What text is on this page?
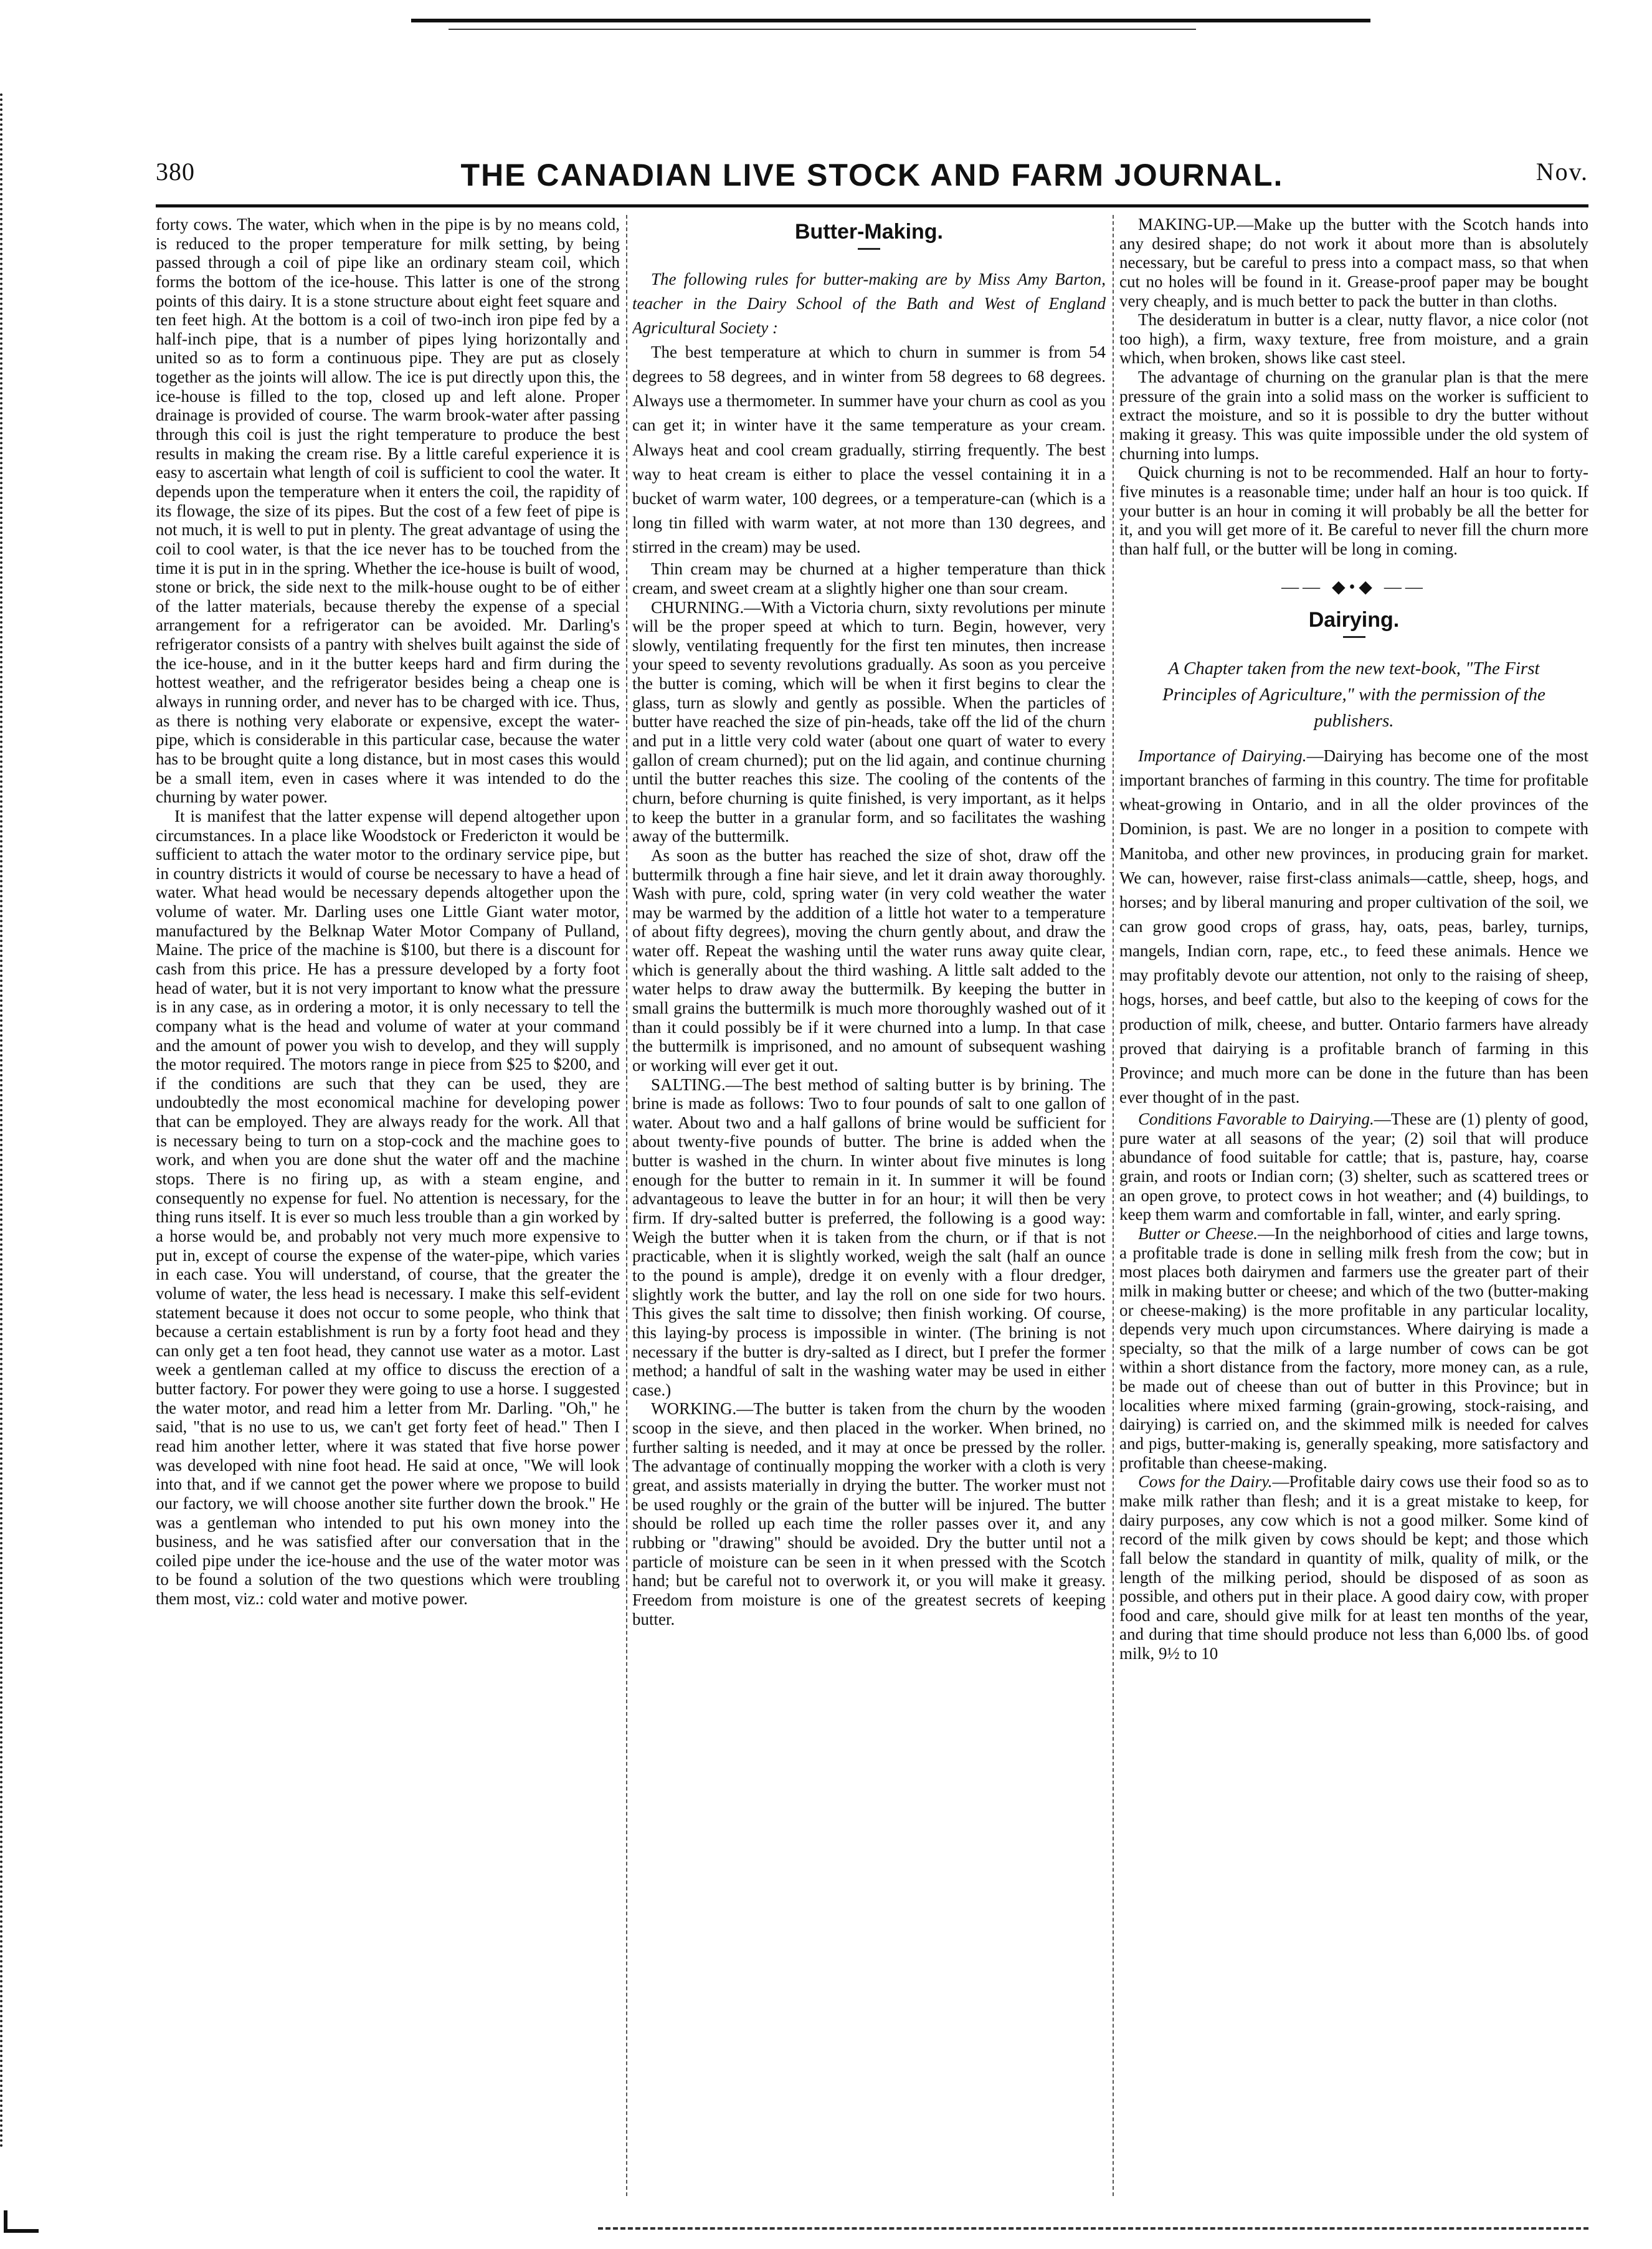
380	THE CANADIAN LIVE STOCK AND FARM JOURNAL.	Nov.

forty cows. The water, which when in the pipe is by no means cold, is reduced to the proper temperature for milk setting, by being passed through a coil of pipe like an ordinary steam coil, which forms the bottom of the ice-house. This latter is one of the strong points of this dairy. It is a stone structure about eight feet square and ten feet high. At the bottom is a coil of two-inch iron pipe fed by a half-inch pipe, that is a number of pipes lying horizontally and united so as to form a continuous pipe. They are put as closely together as the joints will allow. The ice is put directly upon this, the ice-house is filled to the top, closed up and left alone. Proper drainage is provided of course. The warm brook-water after passing through this coil is just the right temperature to produce the best results in making the cream rise. By a little careful experience it is easy to ascertain what length of coil is sufficient to cool the water. It depends upon the temperature when it enters the coil, the rapidity of its flowage, the size of its pipes. But the cost of a few feet of pipe is not much, it is well to put in plenty. The great advantage of using the coil to cool water, is that the ice never has to be touched from the time it is put in in the spring. Whether the ice-house is built of wood, stone or brick, the side next to the milk-house ought to be of either of the latter materials, because thereby the expense of a special arrangement for a refrigerator can be avoided. Mr. Darling's refrigerator consists of a pantry with shelves built against the side of the ice-house, and in it the butter keeps hard and firm during the hottest weather, and the refrigerator besides being a cheap one is always in running order, and never has to be charged with ice. Thus, as there is nothing very elaborate or expensive, except the water-pipe, which is considerable in this particular case, because the water has to be brought quite a long distance, but in most cases this would be a small item, even in cases where it was intended to do the churning by water power.

It is manifest that the latter expense will depend altogether upon circumstances. In a place like Woodstock or Fredericton it would be sufficient to attach the water motor to the ordinary service pipe, but in country districts it would of course be necessary to have a head of water. What head would be necessary depends altogether upon the volume of water. Mr. Darling uses one Little Giant water motor, manufactured by the Belknap Water Motor Company of Pulland, Maine. The price of the machine is $100, but there is a discount for cash from this price. He has a pressure developed by a forty foot head of water, but it is not very important to know what the pressure is in any case, as in ordering a motor, it is only necessary to tell the company what is the head and volume of water at your command and the amount of power you wish to develop, and they will supply the motor required. The motors range in piece from $25 to $200, and if the conditions are such that they can be used, they are undoubtedly the most economical machine for developing power that can be employed. They are always ready for the work. All that is necessary being to turn on a stop-cock and the machine goes to work, and when you are done shut the water off and the machine stops. There is no firing up, as with a steam engine, and consequently no expense for fuel. No attention is necessary, for the thing runs itself. It is ever so much less trouble than a gin worked by a horse would be, and probably not very much more expensive to put in, except of course the expense of the water-pipe, which varies in each case. You will understand, of course, that the greater the volume of water, the less head is necessary. I make this self-evident statement because it does not occur to some people, who think that because a certain establishment is run by a forty foot head and they can only get a ten foot head, they cannot use water as a motor. Last week a gentleman called at my office to discuss the erection of a butter factory. For power they were going to use a horse. I suggested the water motor, and read him a letter from Mr. Darling. "Oh," he said, "that is no use to us, we can't get forty feet of head." Then I read him another letter, where it was stated that five horse power was developed with nine foot head. He said at once, "We will look into that, and if we cannot get the power where we propose to build our factory, we will choose another site further down the brook." He was a gentleman who intended to put his own money into the business, and he was satisfied after our conversation that in the coiled pipe under the ice-house and the use of the water motor was to be found a solution of the two questions which were troubling them most, viz.: cold water and motive power.

Butter-Making.

The following rules for butter-making are by Miss Amy Barton, teacher in the Dairy School of the Bath and West of England Agricultural Society :

The best temperature at which to churn in summer is from 54 degrees to 58 degrees, and in winter from 58 degrees to 68 degrees. Always use a thermometer. In summer have your churn as cool as you can get it; in winter have it the same temperature as your cream. Always heat and cool cream gradually, stirring frequently. The best way to heat cream is either to place the vessel containing it in a bucket of warm water, 100 degrees, or a temperature-can (which is a long tin filled with warm water, at not more than 130 degrees, and stirred in the cream) may be used.

Thin cream may be churned at a higher temperature than thick cream, and sweet cream at a slightly higher one than sour cream.

CHURNING.—With a Victoria churn, sixty revolutions per minute will be the proper speed at which to turn. Begin, however, very slowly, ventilating frequently for the first ten minutes, then increase your speed to seventy revolutions gradually. As soon as you perceive the butter is coming, which will be when it first begins to clear the glass, turn as slowly and gently as possible. When the particles of butter have reached the size of pin-heads, take off the lid of the churn and put in a little very cold water (about one quart of water to every gallon of cream churned); put on the lid again, and continue churning until the butter reaches this size. The cooling of the contents of the churn, before churning is quite finished, is very important, as it helps to keep the butter in a granular form, and so facilitates the washing away of the buttermilk.

As soon as the butter has reached the size of shot, draw off the buttermilk through a fine hair sieve, and let it drain away thoroughly. Wash with pure, cold, spring water (in very cold weather the water may be warmed by the addition of a little hot water to a temperature of about fifty degrees), moving the churn gently about, and draw the water off. Repeat the washing until the water runs away quite clear, which is generally about the third washing. A little salt added to the water helps to draw away the buttermilk. By keeping the butter in small grains the buttermilk is much more thoroughly washed out of it than it could possibly be if it were churned into a lump. In that case the buttermilk is imprisoned, and no amount of subsequent washing or working will ever get it out.

SALTING.—The best method of salting butter is by brining. The brine is made as follows: Two to four pounds of salt to one gallon of water. About two and a half gallons of brine would be sufficient for about twenty-five pounds of butter. The brine is added when the butter is washed in the churn. In winter about five minutes is long enough for the butter to remain in it. In summer it will be found advantageous to leave the butter in for an hour; it will then be very firm. If dry-salted butter is preferred, the following is a good way: Weigh the butter when it is taken from the churn, or if that is not practicable, when it is slightly worked, weigh the salt (half an ounce to the pound is ample), dredge it on evenly with a flour dredger, slightly work the butter, and lay the roll on one side for two hours. This gives the salt time to dissolve; then finish working. Of course, this laying-by process is impossible in winter. (The brining is not necessary if the butter is dry-salted as I direct, but I prefer the former method; a handful of salt in the washing water may be used in either case.)

WORKING.—The butter is taken from the churn by the wooden scoop in the sieve, and then placed in the worker. When brined, no further salting is needed, and it may at once be pressed by the roller. The advantage of continually mopping the worker with a cloth is very great, and assists materially in drying the butter. The worker must not be used roughly or the grain of the butter will be injured. The butter should be rolled up each time the roller passes over it, and any rubbing or "drawing" should be avoided. Dry the butter until not a particle of moisture can be seen in it when pressed with the Scotch hand; but be careful not to overwork it, or you will make it greasy. Freedom from moisture is one of the greatest secrets of keeping butter.

MAKING-UP.—Make up the butter with the Scotch hands into any desired shape; do not work it about more than is absolutely necessary, but be careful to press into a compact mass, so that when cut no holes will be found in it. Grease-proof paper may be bought very cheaply, and is much better to pack the butter in than cloths.

The desideratum in butter is a clear, nutty flavor, a nice color (not too high), a firm, waxy texture, free from moisture, and a grain which, when broken, shows like cast steel.

The advantage of churning on the granular plan is that the mere pressure of the grain into a solid mass on the worker is sufficient to extract the moisture, and so it is possible to dry the butter without making it greasy. This was quite impossible under the old system of churning into lumps.

Quick churning is not to be recommended. Half an hour to forty-five minutes is a reasonable time; under half an hour is too quick. If your butter is an hour in coming it will probably be all the better for it, and you will get more of it. Be careful to never fill the churn more than half full, or the butter will be long in coming.

—— ◆•◆ ——
Dairying.
A Chapter taken from the new text-book, "The First Principles of Agriculture," with the permission of the publishers.

Importance of Dairying.—Dairying has become one of the most important branches of farming in this country. The time for profitable wheat-growing in Ontario, and in all the older provinces of the Dominion, is past. We are no longer in a position to compete with Manitoba, and other new provinces, in producing grain for market. We can, however, raise first-class animals—cattle, sheep, hogs, and horses; and by liberal manuring and proper cultivation of the soil, we can grow good crops of grass, hay, oats, peas, barley, turnips, mangels, Indian corn, rape, etc., to feed these animals. Hence we may profitably devote our attention, not only to the raising of sheep, hogs, horses, and beef cattle, but also to the keeping of cows for the production of milk, cheese, and butter. Ontario farmers have already proved that dairying is a profitable branch of farming in this Province; and much more can be done in the future than has been ever thought of in the past.

Conditions Favorable to Dairying.—These are (1) plenty of good, pure water at all seasons of the year; (2) soil that will produce abundance of food suitable for cattle; that is, pasture, hay, coarse grain, and roots or Indian corn; (3) shelter, such as scattered trees or an open grove, to protect cows in hot weather; and (4) buildings, to keep them warm and comfortable in fall, winter, and early spring.

Butter or Cheese.—In the neighborhood of cities and large towns, a profitable trade is done in selling milk fresh from the cow; but in most places both dairymen and farmers use the greater part of their milk in making butter or cheese; and which of the two (butter-making or cheese-making) is the more profitable in any particular locality, depends very much upon circumstances. Where dairying is made a specialty, so that the milk of a large number of cows can be got within a short distance from the factory, more money can, as a rule, be made out of cheese than out of butter in this Province; but in localities where mixed farming (grain-growing, stock-raising, and dairying) is carried on, and the skimmed milk is needed for calves and pigs, butter-making is, generally speaking, more satisfactory and profitable than cheese-making.

Cows for the Dairy.—Profitable dairy cows use their food so as to make milk rather than flesh; and it is a great mistake to keep, for dairy purposes, any cow which is not a good milker. Some kind of record of the milk given by cows should be kept; and those which fall below the standard in quantity of milk, quality of milk, or the length of the milking period, should be disposed of as soon as possible, and others put in their place. A good dairy cow, with proper food and care, should give milk for at least ten months of the year, and during that time should produce not less than 6,000 lbs. of good milk, 9½ to 10
